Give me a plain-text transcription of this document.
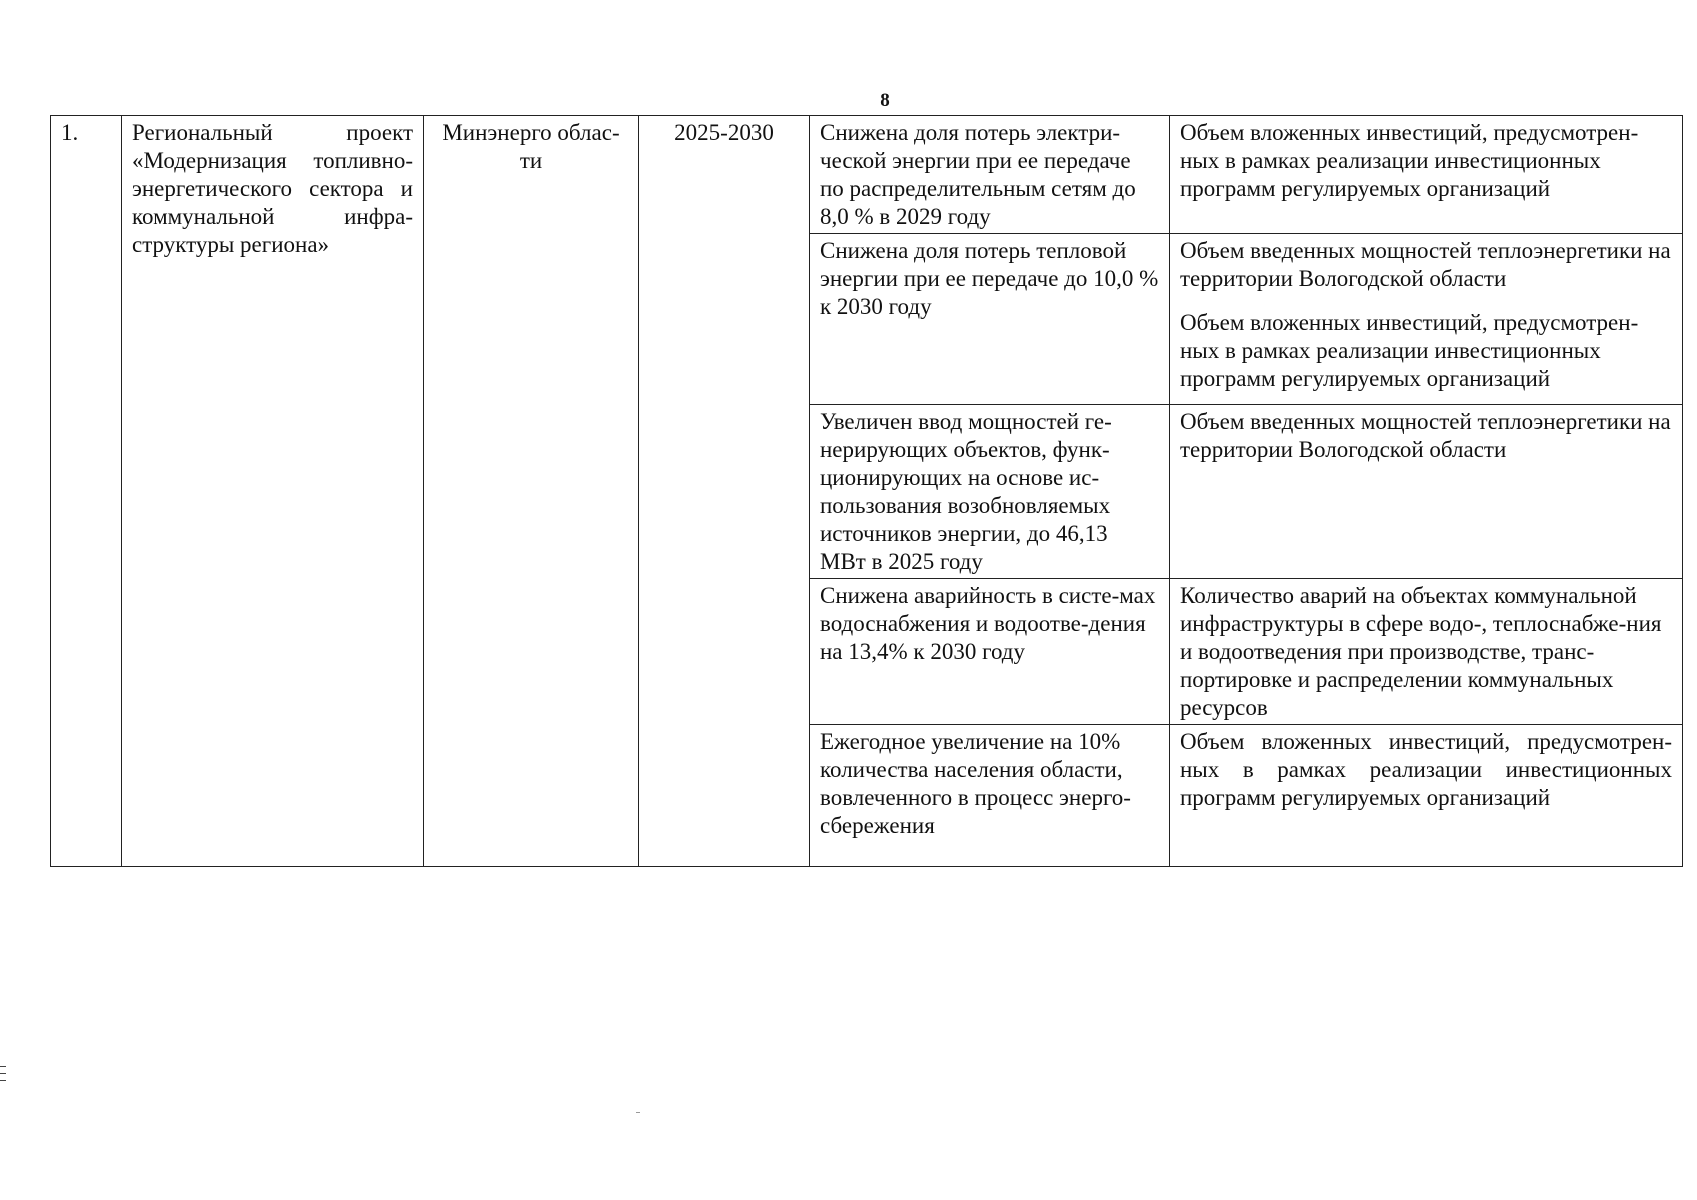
8
1.	Региональный проект «Модернизация топливно-энергетического сектора и коммунальной инфра-структуры региона»	Минэнерго облас-ти	2025-2030	Снижена доля потерь электри-ческой энергии при ее передаче по распределительным сетям до 8,0 % в 2029 году	Объем вложенных инвестиций, предусмотрен-ных в рамках реализации инвестиционных программ регулируемых организаций
				Снижена доля потерь тепловой энергии при ее передаче до 10,0 % к 2030 году	Объем введенных мощностей теплоэнергетики на территории Вологодской области
Объем вложенных инвестиций, предусмотрен-ных в рамках реализации инвестиционных программ регулируемых организаций
				Увеличен ввод мощностей ге-нерирующих объектов, функ-ционирующих на основе ис-пользования возобновляемых источников энергии, до 46,13 МВт в 2025 году	Объем введенных мощностей теплоэнергетики на территории Вологодской области
				Снижена аварийность в систе-мах водоснабжения и водоотве-дения на 13,4% к 2030 году	Количество аварий на объектах коммунальной инфраструктуры в сфере водо-, теплоснабже-ния и водоотведения при производстве, транс-портировке и распределении коммунальных ресурсов
				Ежегодное увеличение на 10% количества населения области, вовлеченного в процесс энерго-сбережения	Объем вложенных инвестиций, предусмотрен-ных в рамках реализации инвестиционных программ регулируемых организаций
